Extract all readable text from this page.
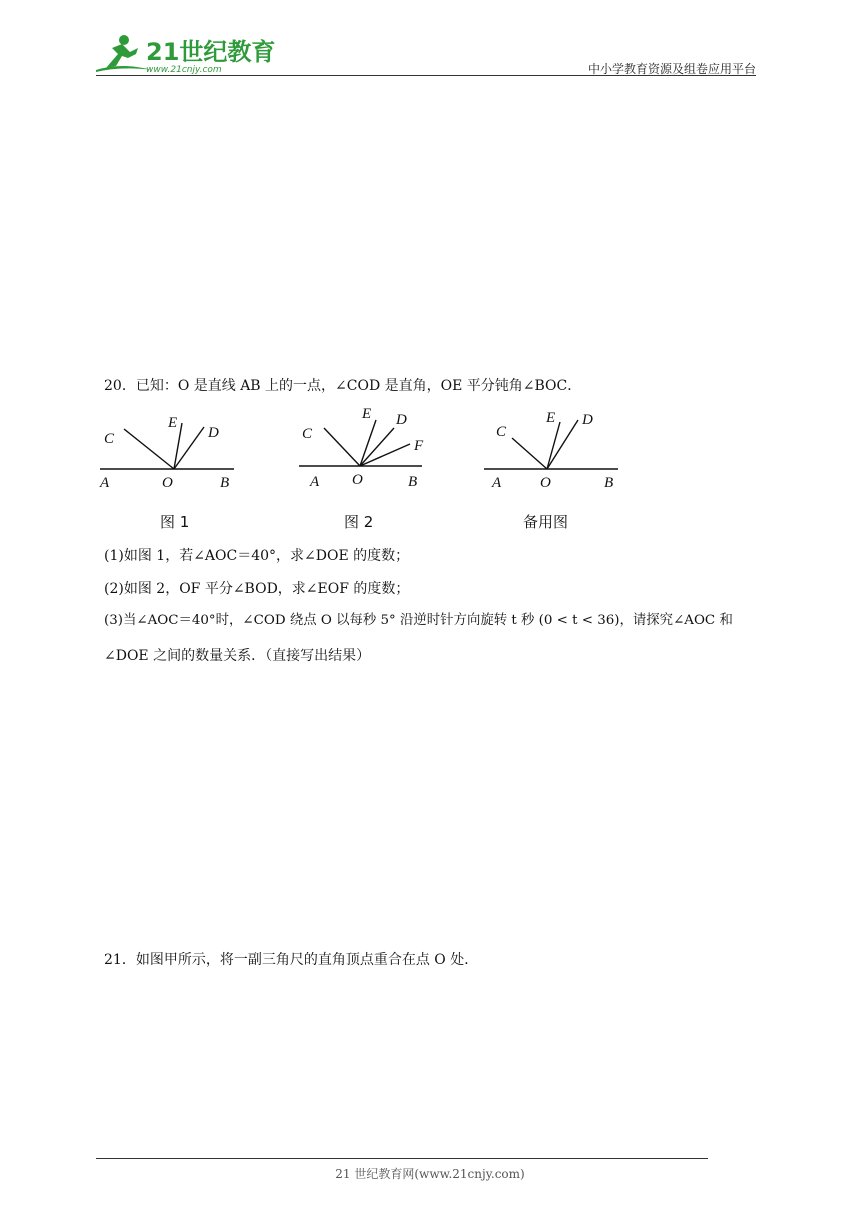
21世纪教育
www.21cnjy.com	中小学教育资源及组卷应用平台
20．已知：O 是直线 AB 上的一点，∠COD 是直角，OE 平分钝角∠BOC．
C
E
D
A	O	B
图 1
C
E D
F
A O	B
图 2
C
E D
A	O	B
备用图
(1)如图 1，若∠AOC＝40°，求∠DOE 的度数；
(2)如图 2，OF 平分∠BOD，求∠EOF 的度数；
(3)当∠AOC＝40°时，∠COD 绕点 O 以每秒 5° 沿逆时针方向旋转 t 秒 (0 < t < 36)，请探究∠AOC 和
∠DOE 之间的数量关系．（直接写出结果）
21．如图甲所示，将一副三角尺的直角顶点重合在点 O 处．
21 世纪教育网(www.21cnjy.com)
